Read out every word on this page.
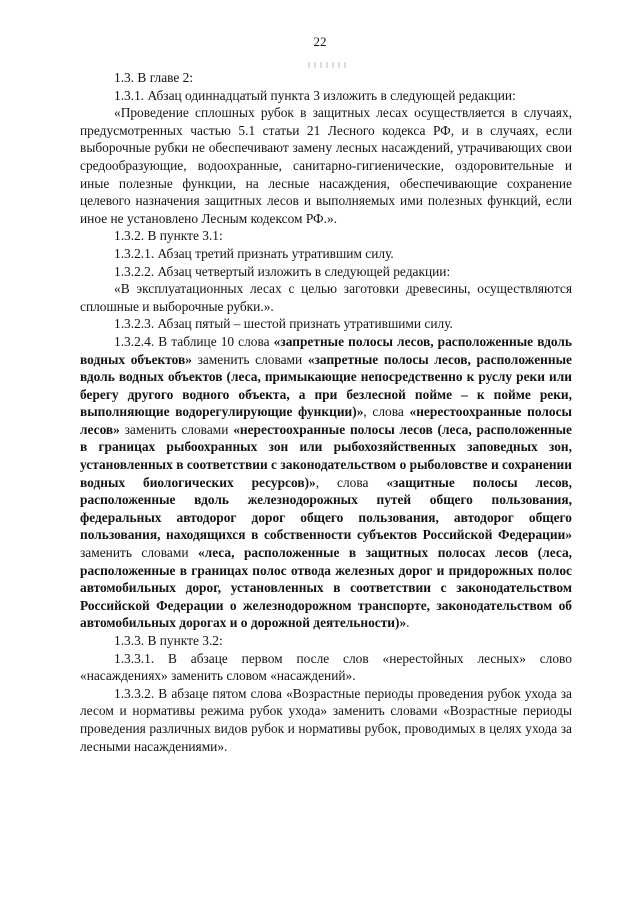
22

1.3. В главе 2:

1.3.1. Абзац одиннадцатый пункта 3 изложить в следующей редакции:

«Проведение сплошных рубок в защитных лесах осуществляется в случаях, предусмотренных частью 5.1 статьи 21 Лесного кодекса РФ, и в случаях, если выборочные рубки не обеспечивают замену лесных насаждений, утрачивающих свои средообразующие, водоохранные, санитарно-гигиенические, оздоровительные и иные полезные функции, на лесные насаждения, обеспечивающие сохранение целевого назначения защитных лесов и выполняемых ими полезных функций, если иное не установлено Лесным кодексом РФ.».

1.3.2. В пункте 3.1:

1.3.2.1. Абзац третий признать утратившим силу.

1.3.2.2. Абзац четвертый изложить в следующей редакции:

«В эксплуатационных лесах с целью заготовки древесины, осуществляются сплошные и выборочные рубки.».

1.3.2.3. Абзац пятый – шестой признать утратившими силу.

1.3.2.4. В таблице 10 слова «запретные полосы лесов, расположенные вдоль водных объектов» заменить словами «запретные полосы лесов, расположенные вдоль водных объектов (леса, примыкающие непосредственно к руслу реки или берегу другого водного объекта, а при безлесной пойме – к пойме реки, выполняющие водорегулирующие функции)», слова «нерестоохранные полосы лесов» заменить словами «нерестоохранные полосы лесов (леса, расположенные в границах рыбоохранных зон или рыбохозяйственных заповедных зон, установленных в соответствии с законодательством о рыболовстве и сохранении водных биологических ресурсов)», слова «защитные полосы лесов, расположенные вдоль железнодорожных путей общего пользования, федеральных автодорог дорог общего пользования, автодорог общего пользования, находящихся в собственности субъектов Российской Федерации» заменить словами «леса, расположенные в защитных полосах лесов (леса, расположенные в границах полос отвода железных дорог и придорожных полос автомобильных дорог, установленных в соответствии с законодательством Российской Федерации о железнодорожном транспорте, законодательством об автомобильных дорогах и о дорожной деятельности)».

1.3.3. В пункте 3.2:

1.3.3.1. В абзаце первом после слов «нерестойных лесных» слово «насаждениях» заменить словом «насаждений».

1.3.3.2. В абзаце пятом слова «Возрастные периоды проведения рубок ухода за лесом и нормативы режима рубок ухода» заменить словами «Возрастные периоды проведения различных видов рубок и нормативы рубок, проводимых в целях ухода за лесными насаждениями».
